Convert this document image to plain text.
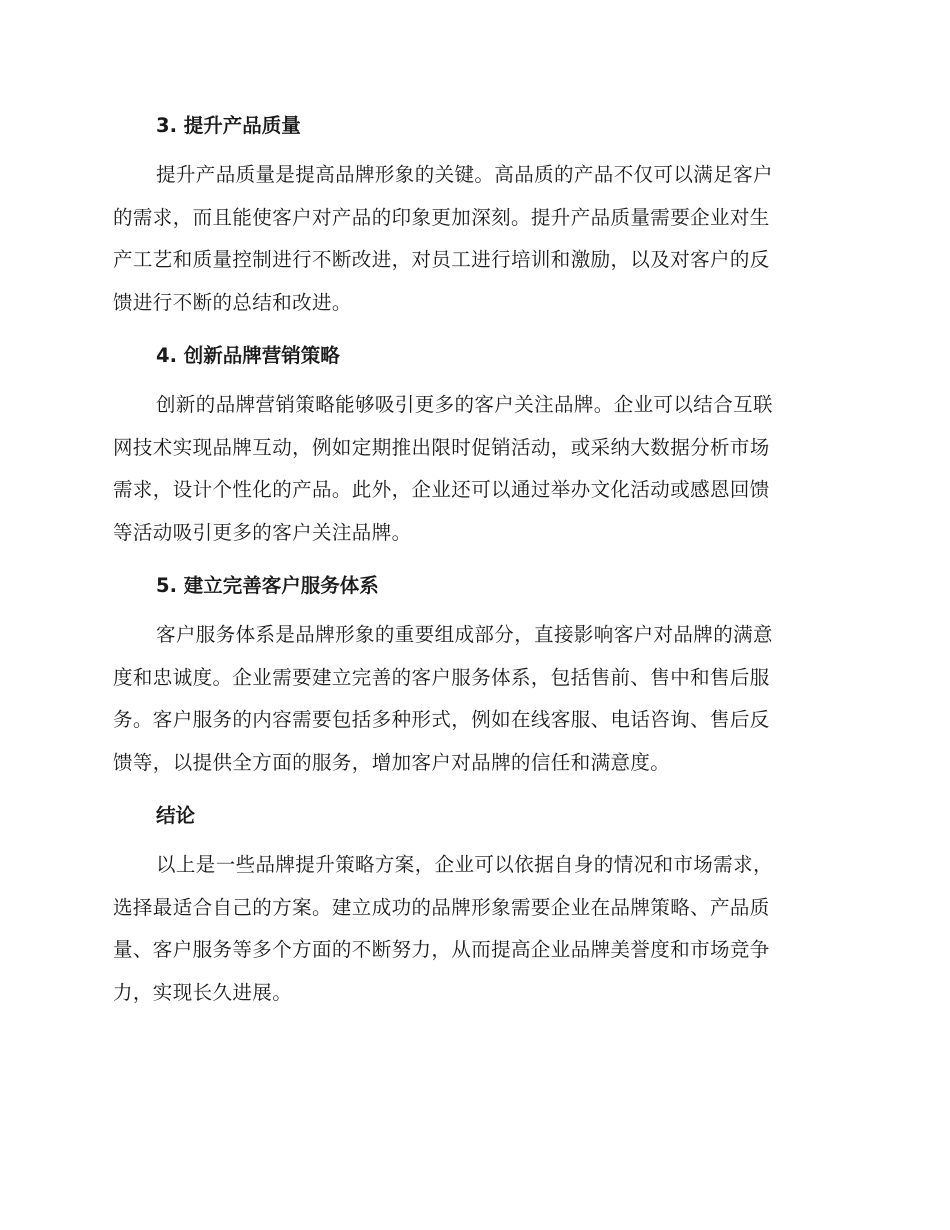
3. 提升产品质量
提升产品质量是提高品牌形象的关键。高品质的产品不仅可以满足客户
的需求，而且能使客户对产品的印象更加深刻。提升产品质量需要企业对生
产工艺和质量控制进行不断改进，对员工进行培训和激励，以及对客户的反
馈进行不断的总结和改进。
4. 创新品牌营销策略
创新的品牌营销策略能够吸引更多的客户关注品牌。企业可以结合互联
网技术实现品牌互动，例如定期推出限时促销活动，或采纳大数据分析市场
需求，设计个性化的产品。此外，企业还可以通过举办文化活动或感恩回馈
等活动吸引更多的客户关注品牌。
5. 建立完善客户服务体系
客户服务体系是品牌形象的重要组成部分，直接影响客户对品牌的满意
度和忠诚度。企业需要建立完善的客户服务体系，包括售前、售中和售后服
务。客户服务的内容需要包括多种形式，例如在线客服、电话咨询、售后反
馈等，以提供全方面的服务，增加客户对品牌的信任和满意度。
结论
以上是一些品牌提升策略方案，企业可以依据自身的情况和市场需求，
选择最适合自己的方案。建立成功的品牌形象需要企业在品牌策略、产品质
量、客户服务等多个方面的不断努力，从而提高企业品牌美誉度和市场竞争
力，实现长久进展。
